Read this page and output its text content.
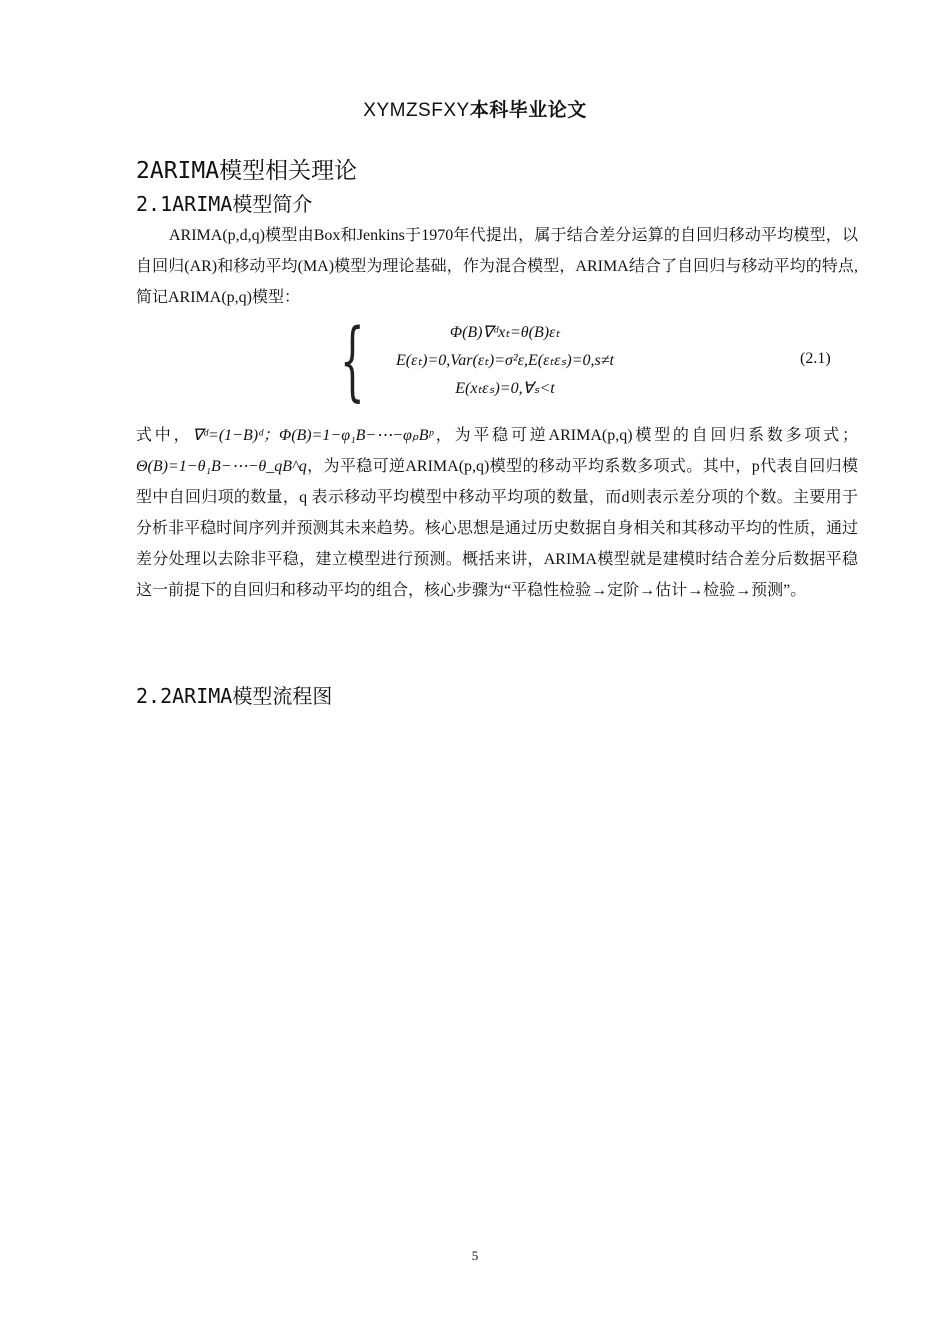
XYMZSFXY本科毕业论文
2ARIMA模型相关理论
2.1ARIMA模型简介
ARIMA(p,d,q)模型由Box和Jenkins于1970年代提出，属于结合差分运算的自回归移动平均模型，以自回归(AR)和移动平均(MA)模型为理论基础，作为混合模型，ARIMA结合了自回归与移动平均的特点,简记ARIMA(p,q)模型：
{	Φ(B)∇ᵈxₜ=θ(B)εₜ
E(εₜ)=0,Var(εₜ)=σ²ε,E(εₜεₛ)=0,s≠t
E(xₜεₛ)=0,∀ₛ<t
(2.1)
式中，∇ᵈ=(1−B)ᵈ；Φ(B)=1−φ₁B−⋯−φₚBᵖ，为平稳可逆ARIMA(p,q)模型的自回归系数多项式；Θ(B)=1−θ₁B−⋯−θ_qB^q，为平稳可逆ARIMA(p,q)模型的移动平均系数多项式。其中，p代表自回归模型中自回归项的数量，q 表示移动平均模型中移动平均项的数量，而d则表示差分项的个数。主要用于分析非平稳时间序列并预测其未来趋势。核心思想是通过历史数据自身相关和其移动平均的性质，通过差分处理以去除非平稳，建立模型进行预测。概括来讲，ARIMA模型就是建模时结合差分后数据平稳这一前提下的自回归和移动平均的组合，核心步骤为“平稳性检验→定阶→估计→检验→预测”。
2.2ARIMA模型流程图
5
